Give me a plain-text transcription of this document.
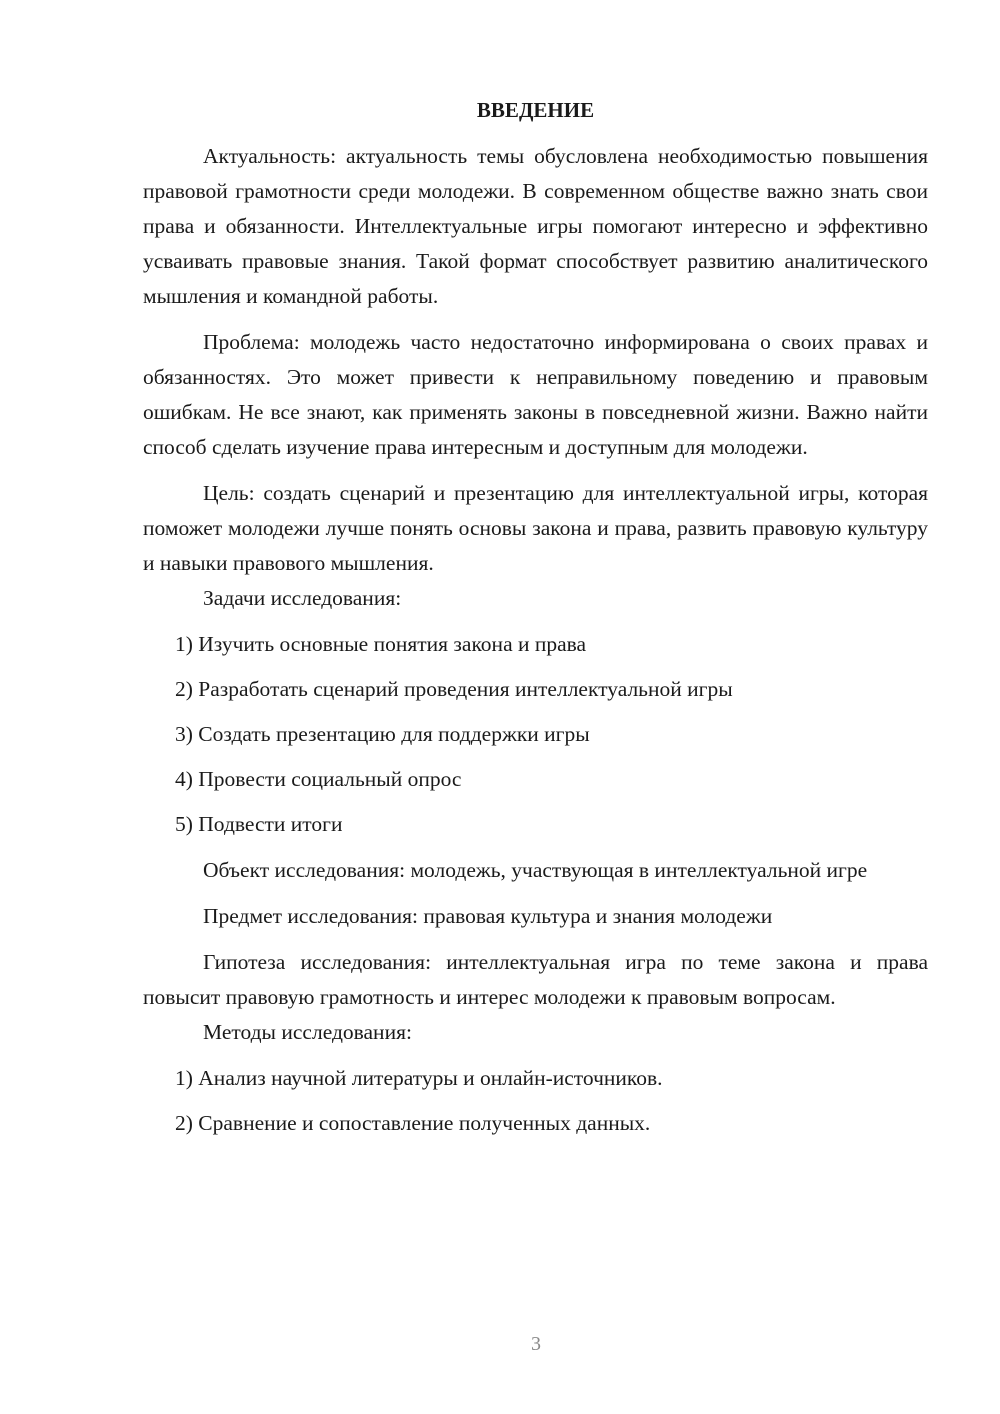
ВВЕДЕНИЕ

Актуальность: актуальность темы обусловлена необходимостью повышения правовой грамотности среди молодежи. В современном обществе важно знать свои права и обязанности. Интеллектуальные игры помогают интересно и эффективно усваивать правовые знания. Такой формат способствует развитию аналитического мышления и командной работы.

Проблема: молодежь часто недостаточно информирована о своих правах и обязанностях. Это может привести к неправильному поведению и правовым ошибкам. Не все знают, как применять законы в повседневной жизни. Важно найти способ сделать изучение права интересным и доступным для молодежи.

Цель: создать сценарий и презентацию для интеллектуальной игры, которая поможет молодежи лучше понять основы закона и права, развить правовую культуру и навыки правового мышления.

Задачи исследования:

1) Изучить основные понятия закона и права

2) Разработать сценарий проведения интеллектуальной игры

3) Создать презентацию для поддержки игры

4) Провести социальный опрос

5) Подвести итоги

Объект исследования: молодежь, участвующая в интеллектуальной игре

Предмет исследования: правовая культура и знания молодежи

Гипотеза исследования: интеллектуальная игра по теме закона и права повысит правовую грамотность и интерес молодежи к правовым вопросам.

Методы исследования:

1) Анализ научной литературы и онлайн-источников.

2) Сравнение и сопоставление полученных данных.

3
